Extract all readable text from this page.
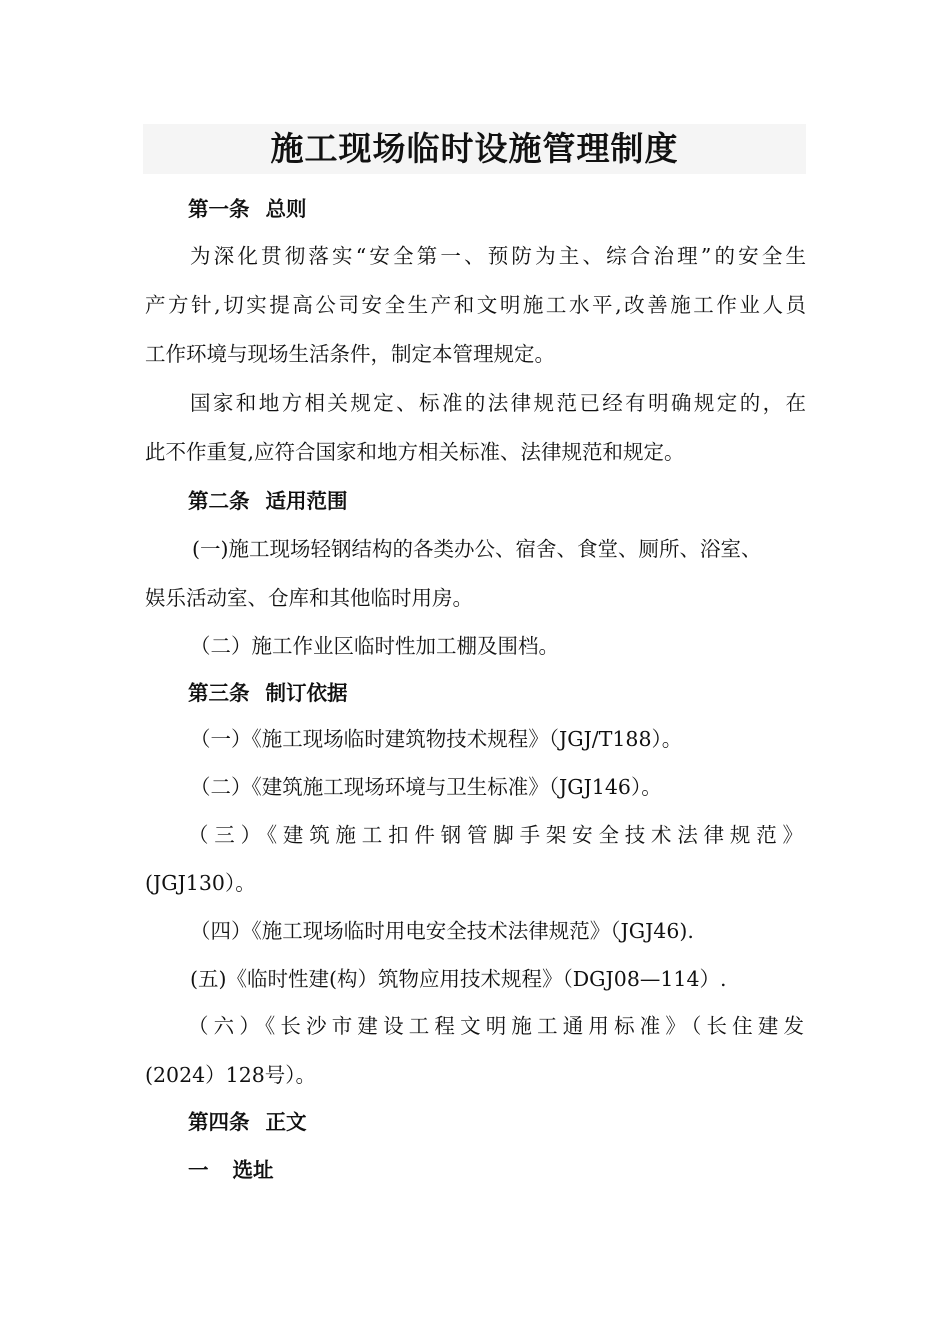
施工现场临时设施管理制度
第一条 总则
为深化贯彻落实“安全第一、预防为主、综合治理”的安全生
产方针,切实提高公司安全生产和文明施工水平,改善施工作业人员
工作环境与现场生活条件，制定本管理规定。
国家和地方相关规定、标准的法律规范已经有明确规定的，在
此不作重复,应符合国家和地方相关标准、法律规范和规定。
第二条 适用范围
(一)施工现场轻钢结构的各类办公、宿舍、食堂、厕所、浴室、
娱乐活动室、仓库和其他临时用房。
（二）施工作业区临时性加工棚及围档。
第三条 制订依据
（一）《施工现场临时建筑物技术规程》（JGJ/T188）。
（二）《建筑施工现场环境与卫生标准》（JGJ146）。
（三）《建筑施工扣件钢管脚手架安全技术法律规范》
(JGJ130）。
（四）《施工现场临时用电安全技术法律规范》（JGJ46).
(五)《临时性建(构）筑物应用技术规程》（DGJ08—114）.
（六）《长沙市建设工程文明施工通用标准》（长住建发
(2024）128号）。
第四条 正文
一 选址
